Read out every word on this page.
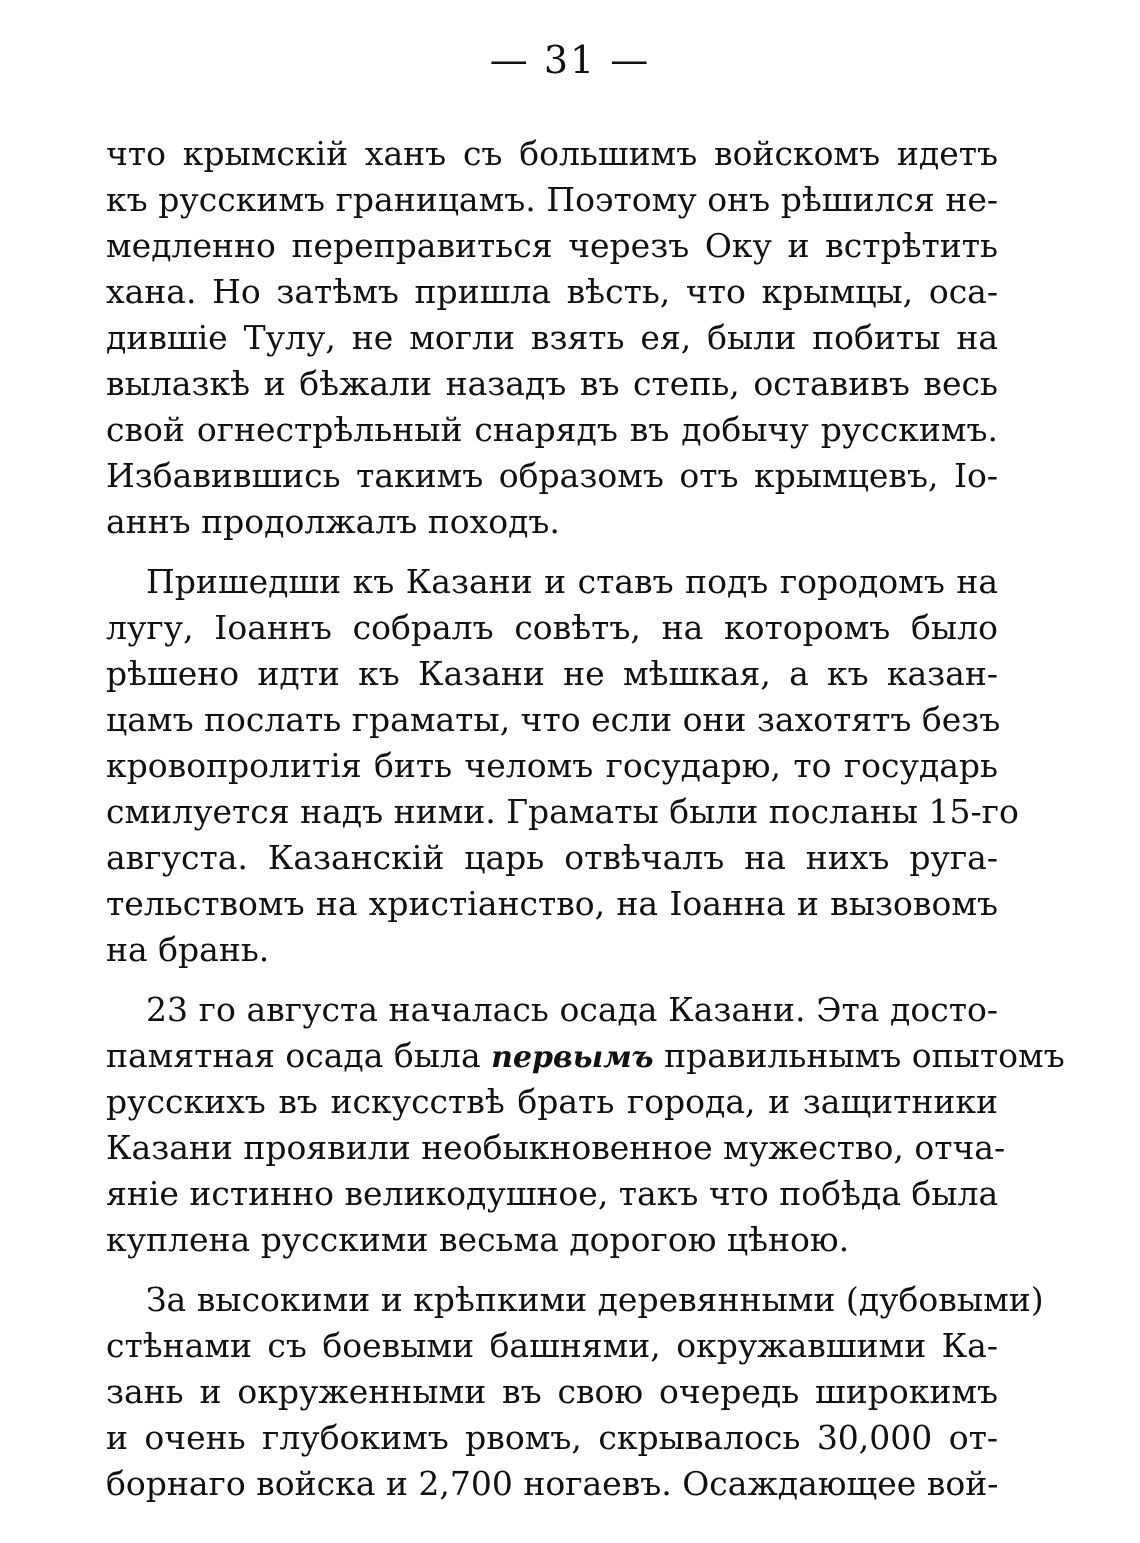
— 31 —

что крымскій ханъ съ большимъ войскомъ идетъ
къ русскимъ границамъ. Поэтому онъ рѣшился не-
медленно переправиться черезъ Оку и встрѣтить
хана. Но затѣмъ пришла вѣсть, что крымцы, оса-
дившіе Тулу, не могли взять ея, были побиты на
вылазкѣ и бѣжали назадъ въ степь, оставивъ весь
свой огнестрѣльный снарядъ въ добычу русскимъ.
Избавившись такимъ образомъ отъ крымцевъ, Іо-
аннъ продолжалъ походъ.

Пришедши къ Казани и ставъ подъ городомъ на
лугу, Іоаннъ собралъ совѣтъ, на которомъ было
рѣшено идти къ Казани не мѣшкая, а къ казан-
цамъ послать граматы, что если они захотятъ безъ
кровопролитія бить челомъ государю, то государь
смилуется надъ ними. Граматы были посланы 15-го
августа. Казанскій царь отвѣчалъ на нихъ руга-
тельствомъ на христіанство, на Іоанна и вызовомъ
на брань.

23 го августа началась осада Казани. Эта досто-
памятная осада была первымъ правильнымъ опытомъ
русскихъ въ искусствѣ брать города, и защитники
Казани проявили необыкновенное мужество, отча-
яніе истинно великодушное, такъ что побѣда была
куплена русскими весьма дорогою цѣною.

За высокими и крѣпкими деревянными (дубовыми)
стѣнами съ боевыми башнями, окружавшими Ка-
зань и окруженными въ свою очередь широкимъ
и очень глубокимъ рвомъ, скрывалось 30,000 от-
борнаго войска и 2,700 ногаевъ. Осаждающее вой-
